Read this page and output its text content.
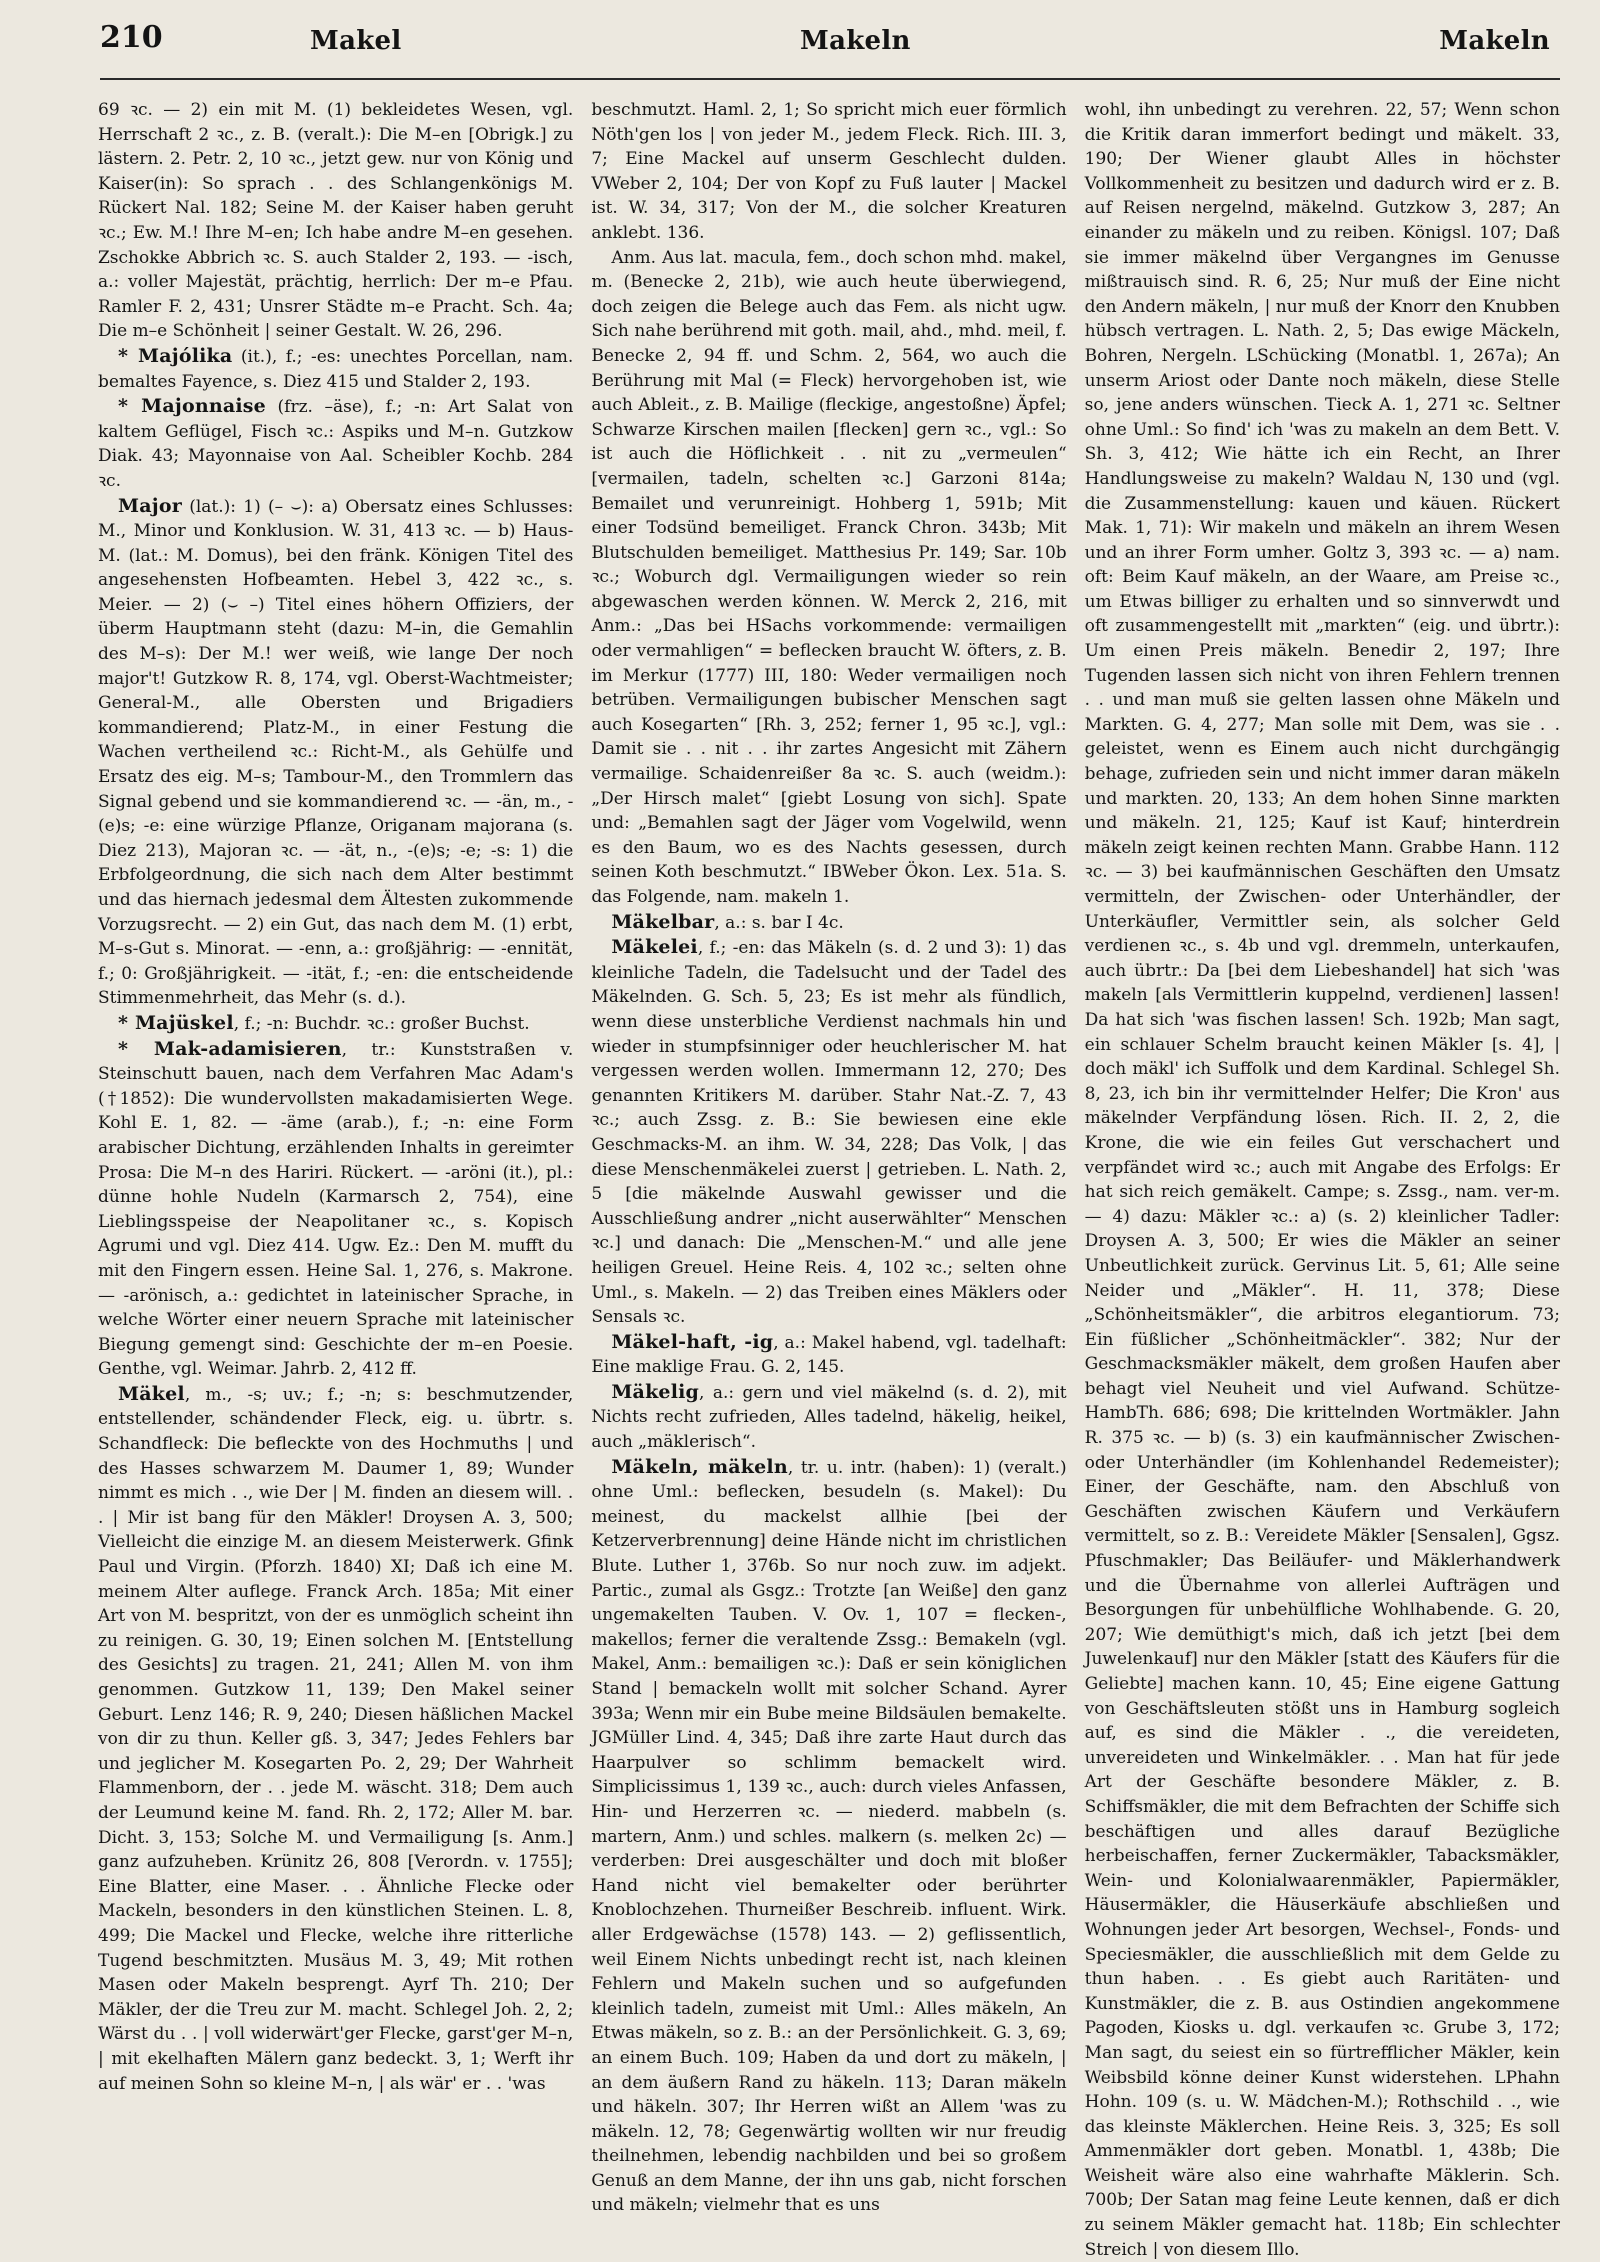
210	Makel	Makeln	Makeln

69 ꝛc. — 2) ein mit M. (1) bekleidetes Wesen, vgl. Herrschaft 2 ꝛc., z. B. (veralt.): Die M–en [Obrigk.] zu lästern. 2. Petr. 2, 10 ꝛc., jetzt gew. nur von König und Kaiser(in): So sprach . . des Schlangenkönigs M. Rückert Nal. 182; Seine M. der Kaiser haben geruht ꝛc.; Ew. M.! Ihre M–en; Ich habe andre M–en gesehen. Zschokke Abbrich ꝛc. S. auch Stalder 2, 193. — -isch, a.: voller Majestät, prächtig, herrlich: Der m–e Pfau. Ramler F. 2, 431; Unsrer Städte m–e Pracht. Sch. 4a; Die m–e Schönheit | seiner Gestalt. W. 26, 296.

* Majólika (it.), f.; -es: unechtes Porcellan, nam. bemaltes Fayence, s. Diez 415 und Stalder 2, 193.

* Majonnaise (frz. –äse), f.; -n: Art Salat von kaltem Geflügel, Fisch ꝛc.: Aspiks und M–n. Gutzkow Diak. 43; Mayonnaise von Aal. Scheibler Kochb. 284 ꝛc.

Major (lat.): 1) (– ⌣): a) Obersatz eines Schlusses: M., Minor und Konklusion. W. 31, 413 ꝛc. — b) Haus-M. (lat.: M. Domus), bei den fränk. Königen Titel des angesehensten Hofbeamten. Hebel 3, 422 ꝛc., s. Meier. — 2) (⌣ –) Titel eines höhern Offiziers, der überm Hauptmann steht (dazu: M–in, die Gemahlin des M–s): Der M.! wer weiß, wie lange Der noch major't! Gutzkow R. 8, 174, vgl. Oberst-Wachtmeister; General-M., alle Obersten und Brigadiers kommandierend; Platz-M., in einer Festung die Wachen vertheilend ꝛc.: Richt-M., als Gehülfe und Ersatz des eig. M–s; Tambour-M., den Trommlern das Signal gebend und sie kommandierend ꝛc. — -än, m., -(e)s; -e: eine würzige Pflanze, Origanam majorana (s. Diez 213), Majoran ꝛc. — -ät, n., -(e)s; -e; -s: 1) die Erbfolgeordnung, die sich nach dem Alter bestimmt und das hiernach jedesmal dem Ältesten zukommende Vorzugsrecht. — 2) ein Gut, das nach dem M. (1) erbt, M–s-Gut s. Minorat. — -enn, a.: großjährig: — -ennität, f.; 0: Großjährigkeit. — -ität, f.; -en: die entscheidende Stimmenmehrheit, das Mehr (s. d.).

* Majüskel, f.; -n: Buchdr. ꝛc.: großer Buchst.

* Mak-adamisieren, tr.: Kunststraßen v. Steinschutt bauen, nach dem Verfahren Mac Adam's (†1852): Die wundervollsten makadamisierten Wege. Kohl E. 1, 82. — -äme (arab.), f.; -n: eine Form arabischer Dichtung, erzählenden Inhalts in gereimter Prosa: Die M–n des Hariri. Rückert. — -aröni (it.), pl.: dünne hohle Nudeln (Karmarsch 2, 754), eine Lieblingsspeise der Neapolitaner ꝛc., s. Kopisch Agrumi und vgl. Diez 414. Ugw. Ez.: Den M. mufft du mit den Fingern essen. Heine Sal. 1, 276, s. Makrone. — -arönisch, a.: gedichtet in lateinischer Sprache, in welche Wörter einer neuern Sprache mit lateinischer Biegung gemengt sind: Geschichte der m–en Poesie. Genthe, vgl. Weimar. Jahrb. 2, 412 ff.

Mäkel, m., -s; uv.; f.; -n; s: beschmutzender, entstellender, schändender Fleck, eig. u. übrtr. s. Schandfleck: Die befleckte von des Hochmuths | und des Hasses schwarzem M. Daumer 1, 89; Wunder nimmt es mich . ., wie Der | M. finden an diesem will. . . | Mir ist bang für den Mäkler! Droysen A. 3, 500; Vielleicht die einzige M. an diesem Meisterwerk. Gfink Paul und Virgin. (Pforzh. 1840) XI; Daß ich eine M. meinem Alter auflege. Franck Arch. 185a; Mit einer Art von M. bespritzt, von der es unmöglich scheint ihn zu reinigen. G. 30, 19; Einen solchen M. [Entstellung des Gesichts] zu tragen. 21, 241; Allen M. von ihm genommen. Gutzkow 11, 139; Den Makel seiner Geburt. Lenz 146; R. 9, 240; Diesen häßlichen Mackel von dir zu thun. Keller gß. 3, 347; Jedes Fehlers bar und jeglicher M. Kosegarten Po. 2, 29; Der Wahrheit Flammenborn, der . . jede M. wäscht. 318; Dem auch der Leumund keine M. fand. Rh. 2, 172; Aller M. bar. Dicht. 3, 153; Solche M. und Vermailigung [s. Anm.] ganz aufzuheben. Krünitz 26, 808 [Verordn. v. 1755]; Eine Blatter, eine Maser. . . Ähnliche Flecke oder Mackeln, besonders in den künstlichen Steinen. L. 8, 499; Die Mackel und Flecke, welche ihre ritterliche Tugend beschmitzten. Musäus M. 3, 49; Mit rothen Masen oder Makeln besprengt. Ayrf Th. 210; Der Mäkler, der die Treu zur M. macht. Schlegel Joh. 2, 2; Wärst du . . | voll widerwärt'ger Flecke, garst'ger M–n, | mit ekelhaften Mälern ganz bedeckt. 3, 1; Werft ihr auf meinen Sohn so kleine M–n, | als wär' er . . 'was

beschmutzt. Haml. 2, 1; So spricht mich euer förmlich Nöth'gen los | von jeder M., jedem Fleck. Rich. III. 3, 7; Eine Mackel auf unserm Geschlecht dulden. VWeber 2, 104; Der von Kopf zu Fuß lauter | Mackel ist. W. 34, 317; Von der M., die solcher Kreaturen anklebt. 136.

Anm. Aus lat. macula, fem., doch schon mhd. makel, m. (Benecke 2, 21b), wie auch heute überwiegend, doch zeigen die Belege auch das Fem. als nicht ugw. Sich nahe berührend mit goth. mail, ahd., mhd. meil, f. Benecke 2, 94 ff. und Schm. 2, 564, wo auch die Berührung mit Mal (= Fleck) hervorgehoben ist, wie auch Ableit., z. B. Mailige (fleckige, angestoßne) Äpfel; Schwarze Kirschen mailen [flecken] gern ꝛc., vgl.: So ist auch die Höflichkeit . . nit zu „vermeulen“ [vermailen, tadeln, schelten ꝛc.] Garzoni 814a; Bemailet und verunreinigt. Hohberg 1, 591b; Mit einer Todsünd bemeiliget. Franck Chron. 343b; Mit Blutschulden bemeiliget. Matthesius Pr. 149; Sar. 10b ꝛc.; Woburch dgl. Vermailigungen wieder so rein abgewaschen werden können. W. Merck 2, 216, mit Anm.: „Das bei HSachs vorkommende: vermailigen oder vermahligen“ = beflecken braucht W. öfters, z. B. im Merkur (1777) III, 180: Weder vermailigen noch betrüben. Vermailigungen bubischer Menschen sagt auch Kosegarten“ [Rh. 3, 252; ferner 1, 95 ꝛc.], vgl.: Damit sie . . nit . . ihr zartes Angesicht mit Zähern vermailige. Schaidenreißer 8a ꝛc. S. auch (weidm.): „Der Hirsch malet“ [giebt Losung von sich]. Spate und: „Bemahlen sagt der Jäger vom Vogelwild, wenn es den Baum, wo es des Nachts gesessen, durch seinen Koth beschmutzt.“ IBWeber Ökon. Lex. 51a. S. das Folgende, nam. makeln 1.

Mäkelbar, a.: s. bar I 4c.

Mäkelei, f.; -en: das Mäkeln (s. d. 2 und 3): 1) das kleinliche Tadeln, die Tadelsucht und der Tadel des Mäkelnden. G. Sch. 5, 23; Es ist mehr als fündlich, wenn diese unsterbliche Verdienst nachmals hin und wieder in stumpfsinniger oder heuchlerischer M. hat vergessen werden wollen. Immermann 12, 270; Des genannten Kritikers M. darüber. Stahr Nat.-Z. 7, 43 ꝛc.; auch Zssg. z. B.: Sie bewiesen eine ekle Geschmacks-M. an ihm. W. 34, 228; Das Volk, | das diese Menschenmäkelei zuerst | getrieben. L. Nath. 2, 5 [die mäkelnde Auswahl gewisser und die Ausschließung andrer „nicht auserwählter“ Menschen ꝛc.] und danach: Die „Menschen-M.“ und alle jene heiligen Greuel. Heine Reis. 4, 102 ꝛc.; selten ohne Uml., s. Makeln. — 2) das Treiben eines Mäklers oder Sensals ꝛc.

Mäkel-haft, -ig, a.: Makel habend, vgl. tadelhaft: Eine maklige Frau. G. 2, 145.

Mäkelig, a.: gern und viel mäkelnd (s. d. 2), mit Nichts recht zufrieden, Alles tadelnd, häkelig, heikel, auch „mäklerisch“.

Mäkeln, mäkeln, tr. u. intr. (haben): 1) (veralt.) ohne Uml.: beflecken, besudeln (s. Makel): Du meinest, du mackelst allhie [bei der Ketzerverbrennung] deine Hände nicht im christlichen Blute. Luther 1, 376b. So nur noch zuw. im adjekt. Partic., zumal als Gsgz.: Trotzte [an Weiße] den ganz ungemakelten Tauben. V. Ov. 1, 107 = flecken-, makellos; ferner die veraltende Zssg.: Bemakeln (vgl. Makel, Anm.: bemailigen ꝛc.): Daß er sein königlichen Stand | bemackeln wollt mit solcher Schand. Ayrer 393a; Wenn mir ein Bube meine Bildsäulen bemakelte. JGMüller Lind. 4, 345; Daß ihre zarte Haut durch das Haarpulver so schlimm bemackelt wird. Simplicissimus 1, 139 ꝛc., auch: durch vieles Anfassen, Hin- und Herzerren ꝛc. — niederd. mabbeln (s. martern, Anm.) und schles. malkern (s. melken 2c) — verderben: Drei ausgeschälter und doch mit bloßer Hand nicht viel bemakelter oder berührter Knoblochzehen. Thurneißer Beschreib. influent. Wirk. aller Erdgewächse (1578) 143. — 2) geflissentlich, weil Einem Nichts unbedingt recht ist, nach kleinen Fehlern und Makeln suchen und so aufgefunden kleinlich tadeln, zumeist mit Uml.: Alles mäkeln, An Etwas mäkeln, so z. B.: an der Persönlichkeit. G. 3, 69; an einem Buch. 109; Haben da und dort zu mäkeln, | an dem äußern Rand zu häkeln. 113; Daran mäkeln und häkeln. 307; Ihr Herren wißt an Allem 'was zu mäkeln. 12, 78; Gegenwärtig wollten wir nur freudig theilnehmen, lebendig nachbilden und bei so großem Genuß an dem Manne, der ihn uns gab, nicht forschen und mäkeln; vielmehr that es uns

wohl, ihn unbedingt zu verehren. 22, 57; Wenn schon die Kritik daran immerfort bedingt und mäkelt. 33, 190; Der Wiener glaubt Alles in höchster Vollkommenheit zu besitzen und dadurch wird er z. B. auf Reisen nergelnd, mäkelnd. Gutzkow 3, 287; An einander zu mäkeln und zu reiben. Königsl. 107; Daß sie immer mäkelnd über Vergangnes im Genusse mißtrauisch sind. R. 6, 25; Nur muß der Eine nicht den Andern mäkeln, | nur muß der Knorr den Knubben hübsch vertragen. L. Nath. 2, 5; Das ewige Mäckeln, Bohren, Nergeln. LSchücking (Monatbl. 1, 267a); An unserm Ariost oder Dante noch mäkeln, diese Stelle so, jene anders wünschen. Tieck A. 1, 271 ꝛc. Seltner ohne Uml.: So find' ich 'was zu makeln an dem Bett. V. Sh. 3, 412; Wie hätte ich ein Recht, an Ihrer Handlungsweise zu makeln? Waldau N, 130 und (vgl. die Zusammenstellung: kauen und käuen. Rückert Mak. 1, 71): Wir makeln und mäkeln an ihrem Wesen und an ihrer Form umher. Goltz 3, 393 ꝛc. — a) nam. oft: Beim Kauf mäkeln, an der Waare, am Preise ꝛc., um Etwas billiger zu erhalten und so sinnverwdt und oft zusammengestellt mit „markten“ (eig. und übrtr.): Um einen Preis mäkeln. Benedir 2, 197; Ihre Tugenden lassen sich nicht von ihren Fehlern trennen . . und man muß sie gelten lassen ohne Mäkeln und Markten. G. 4, 277; Man solle mit Dem, was sie . . geleistet, wenn es Einem auch nicht durchgängig behage, zufrieden sein und nicht immer daran mäkeln und markten. 20, 133; An dem hohen Sinne markten und mäkeln. 21, 125; Kauf ist Kauf; hinterdrein mäkeln zeigt keinen rechten Mann. Grabbe Hann. 112 ꝛc. — 3) bei kaufmännischen Geschäften den Umsatz vermitteln, der Zwischen- oder Unterhändler, der Unterkäufler, Vermittler sein, als solcher Geld verdienen ꝛc., s. 4b und vgl. dremmeln, unterkaufen, auch übrtr.: Da [bei dem Liebeshandel] hat sich 'was makeln [als Vermittlerin kuppelnd, verdienen] lassen! Da hat sich 'was fischen lassen! Sch. 192b; Man sagt, ein schlauer Schelm braucht keinen Mäkler [s. 4], | doch mäkl' ich Suffolk und dem Kardinal. Schlegel Sh. 8, 23, ich bin ihr vermittelnder Helfer; Die Kron' aus mäkelnder Verpfändung lösen. Rich. II. 2, 2, die Krone, die wie ein feiles Gut verschachert und verpfändet wird ꝛc.; auch mit Angabe des Erfolgs: Er hat sich reich gemäkelt. Campe; s. Zssg., nam. ver-m. — 4) dazu: Mäkler ꝛc.: a) (s. 2) kleinlicher Tadler: Droysen A. 3, 500; Er wies die Mäkler an seiner Unbeutlichkeit zurück. Gervinus Lit. 5, 61; Alle seine Neider und „Mäkler“. H. 11, 378; Diese „Schönheitsmäkler“, die arbitros elegantiorum. 73; Ein füßlicher „Schönheitmäckler“. 382; Nur der Geschmacksmäkler mäkelt, dem großen Haufen aber behagt viel Neuheit und viel Aufwand. Schütze-HambTh. 686; 698; Die krittelnden Wortmäkler. Jahn R. 375 ꝛc. — b) (s. 3) ein kaufmännischer Zwischen- oder Unterhändler (im Kohlenhandel Redemeister); Einer, der Geschäfte, nam. den Abschluß von Geschäften zwischen Käufern und Verkäufern vermittelt, so z. B.: Vereidete Mäkler [Sensalen], Ggsz. Pfuschmakler; Das Beiläufer- und Mäklerhandwerk und die Übernahme von allerlei Aufträgen und Besorgungen für unbehülfliche Wohlhabende. G. 20, 207; Wie demüthigt's mich, daß ich jetzt [bei dem Juwelenkauf] nur den Mäkler [statt des Käufers für die Geliebte] machen kann. 10, 45; Eine eigene Gattung von Geschäftsleuten stößt uns in Hamburg sogleich auf, es sind die Mäkler . ., die vereideten, unvereideten und Winkelmäkler. . . Man hat für jede Art der Geschäfte besondere Mäkler, z. B. Schiffsmäkler, die mit dem Befrachten der Schiffe sich beschäftigen und alles darauf Bezügliche herbeischaffen, ferner Zuckermäkler, Tabacksmäkler, Wein- und Kolonialwaarenmäkler, Papiermäkler, Häusermäkler, die Häuserkäufe abschließen und Wohnungen jeder Art besorgen, Wechsel-, Fonds- und Speciesmäkler, die ausschließlich mit dem Gelde zu thun haben. . . Es giebt auch Raritäten- und Kunstmäkler, die z. B. aus Ostindien angekommene Pagoden, Kiosks u. dgl. verkaufen ꝛc. Grube 3, 172; Man sagt, du seiest ein so fürtrefflicher Mäkler, kein Weibsbild könne deiner Kunst widerstehen. LPhahn Hohn. 109 (s. u. W. Mädchen-M.); Rothschild . ., wie das kleinste Mäklerchen. Heine Reis. 3, 325; Es soll Ammenmäkler dort geben. Monatbl. 1, 438b; Die Weisheit wäre also eine wahrhafte Mäklerin. Sch. 700b; Der Satan mag feine Leute kennen, daß er dich zu seinem Mäkler gemacht hat. 118b; Ein schlechter Streich | von diesem Illo.
